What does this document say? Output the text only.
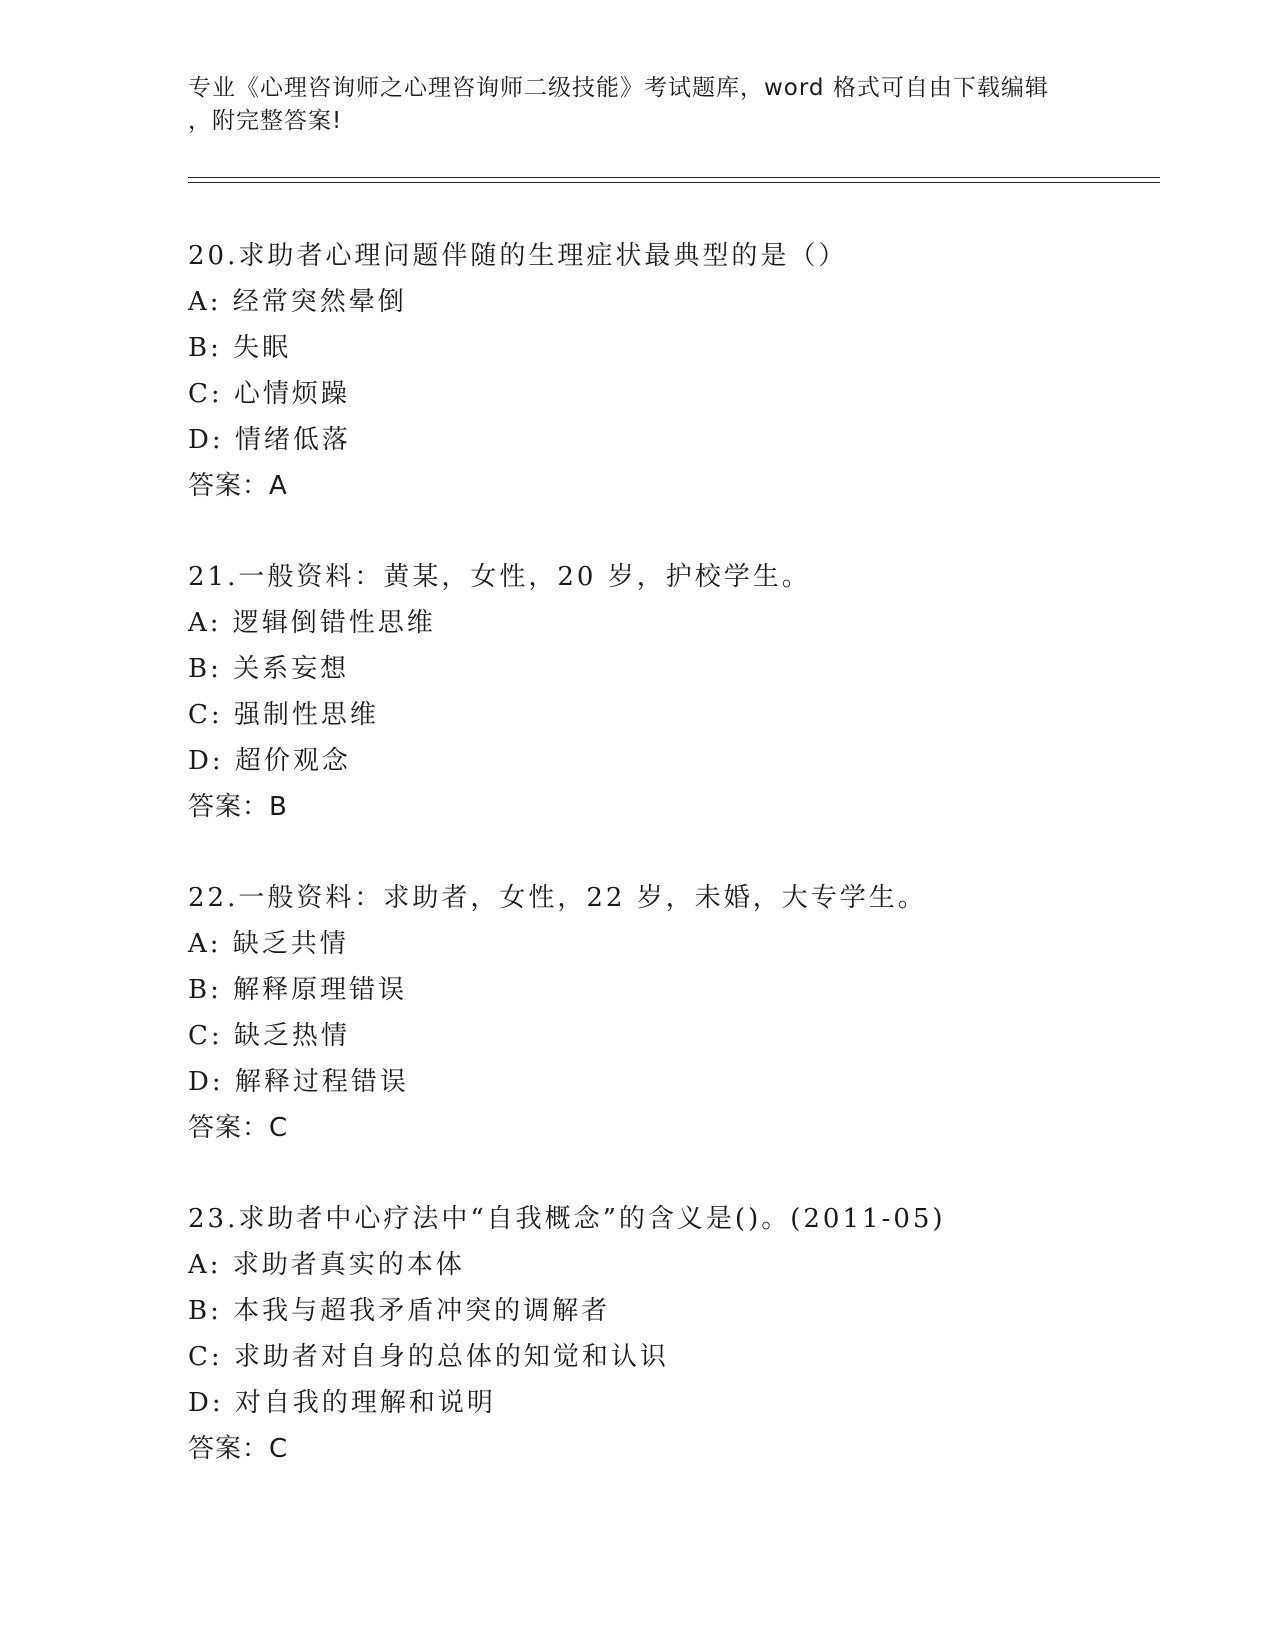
专业《心理咨询师之心理咨询师二级技能》考试题库，word 格式可自由下载编辑
，附完整答案!
20.求助者心理问题伴随的生理症状最典型的是（）
A: 经常突然晕倒
B: 失眠
C: 心情烦躁
D: 情绪低落
答案：A
21.一般资料：黄某，女性，20 岁，护校学生。
A: 逻辑倒错性思维
B: 关系妄想
C: 强制性思维
D: 超价观念
答案：B
22.一般资料：求助者，女性，22 岁，未婚，大专学生。
A: 缺乏共情
B: 解释原理错误
C: 缺乏热情
D: 解释过程错误
答案：C
23.求助者中心疗法中“自我概念”的含义是()。(2011-05)
A: 求助者真实的本体
B: 本我与超我矛盾冲突的调解者
C: 求助者对自身的总体的知觉和认识
D: 对自我的理解和说明
答案：C
